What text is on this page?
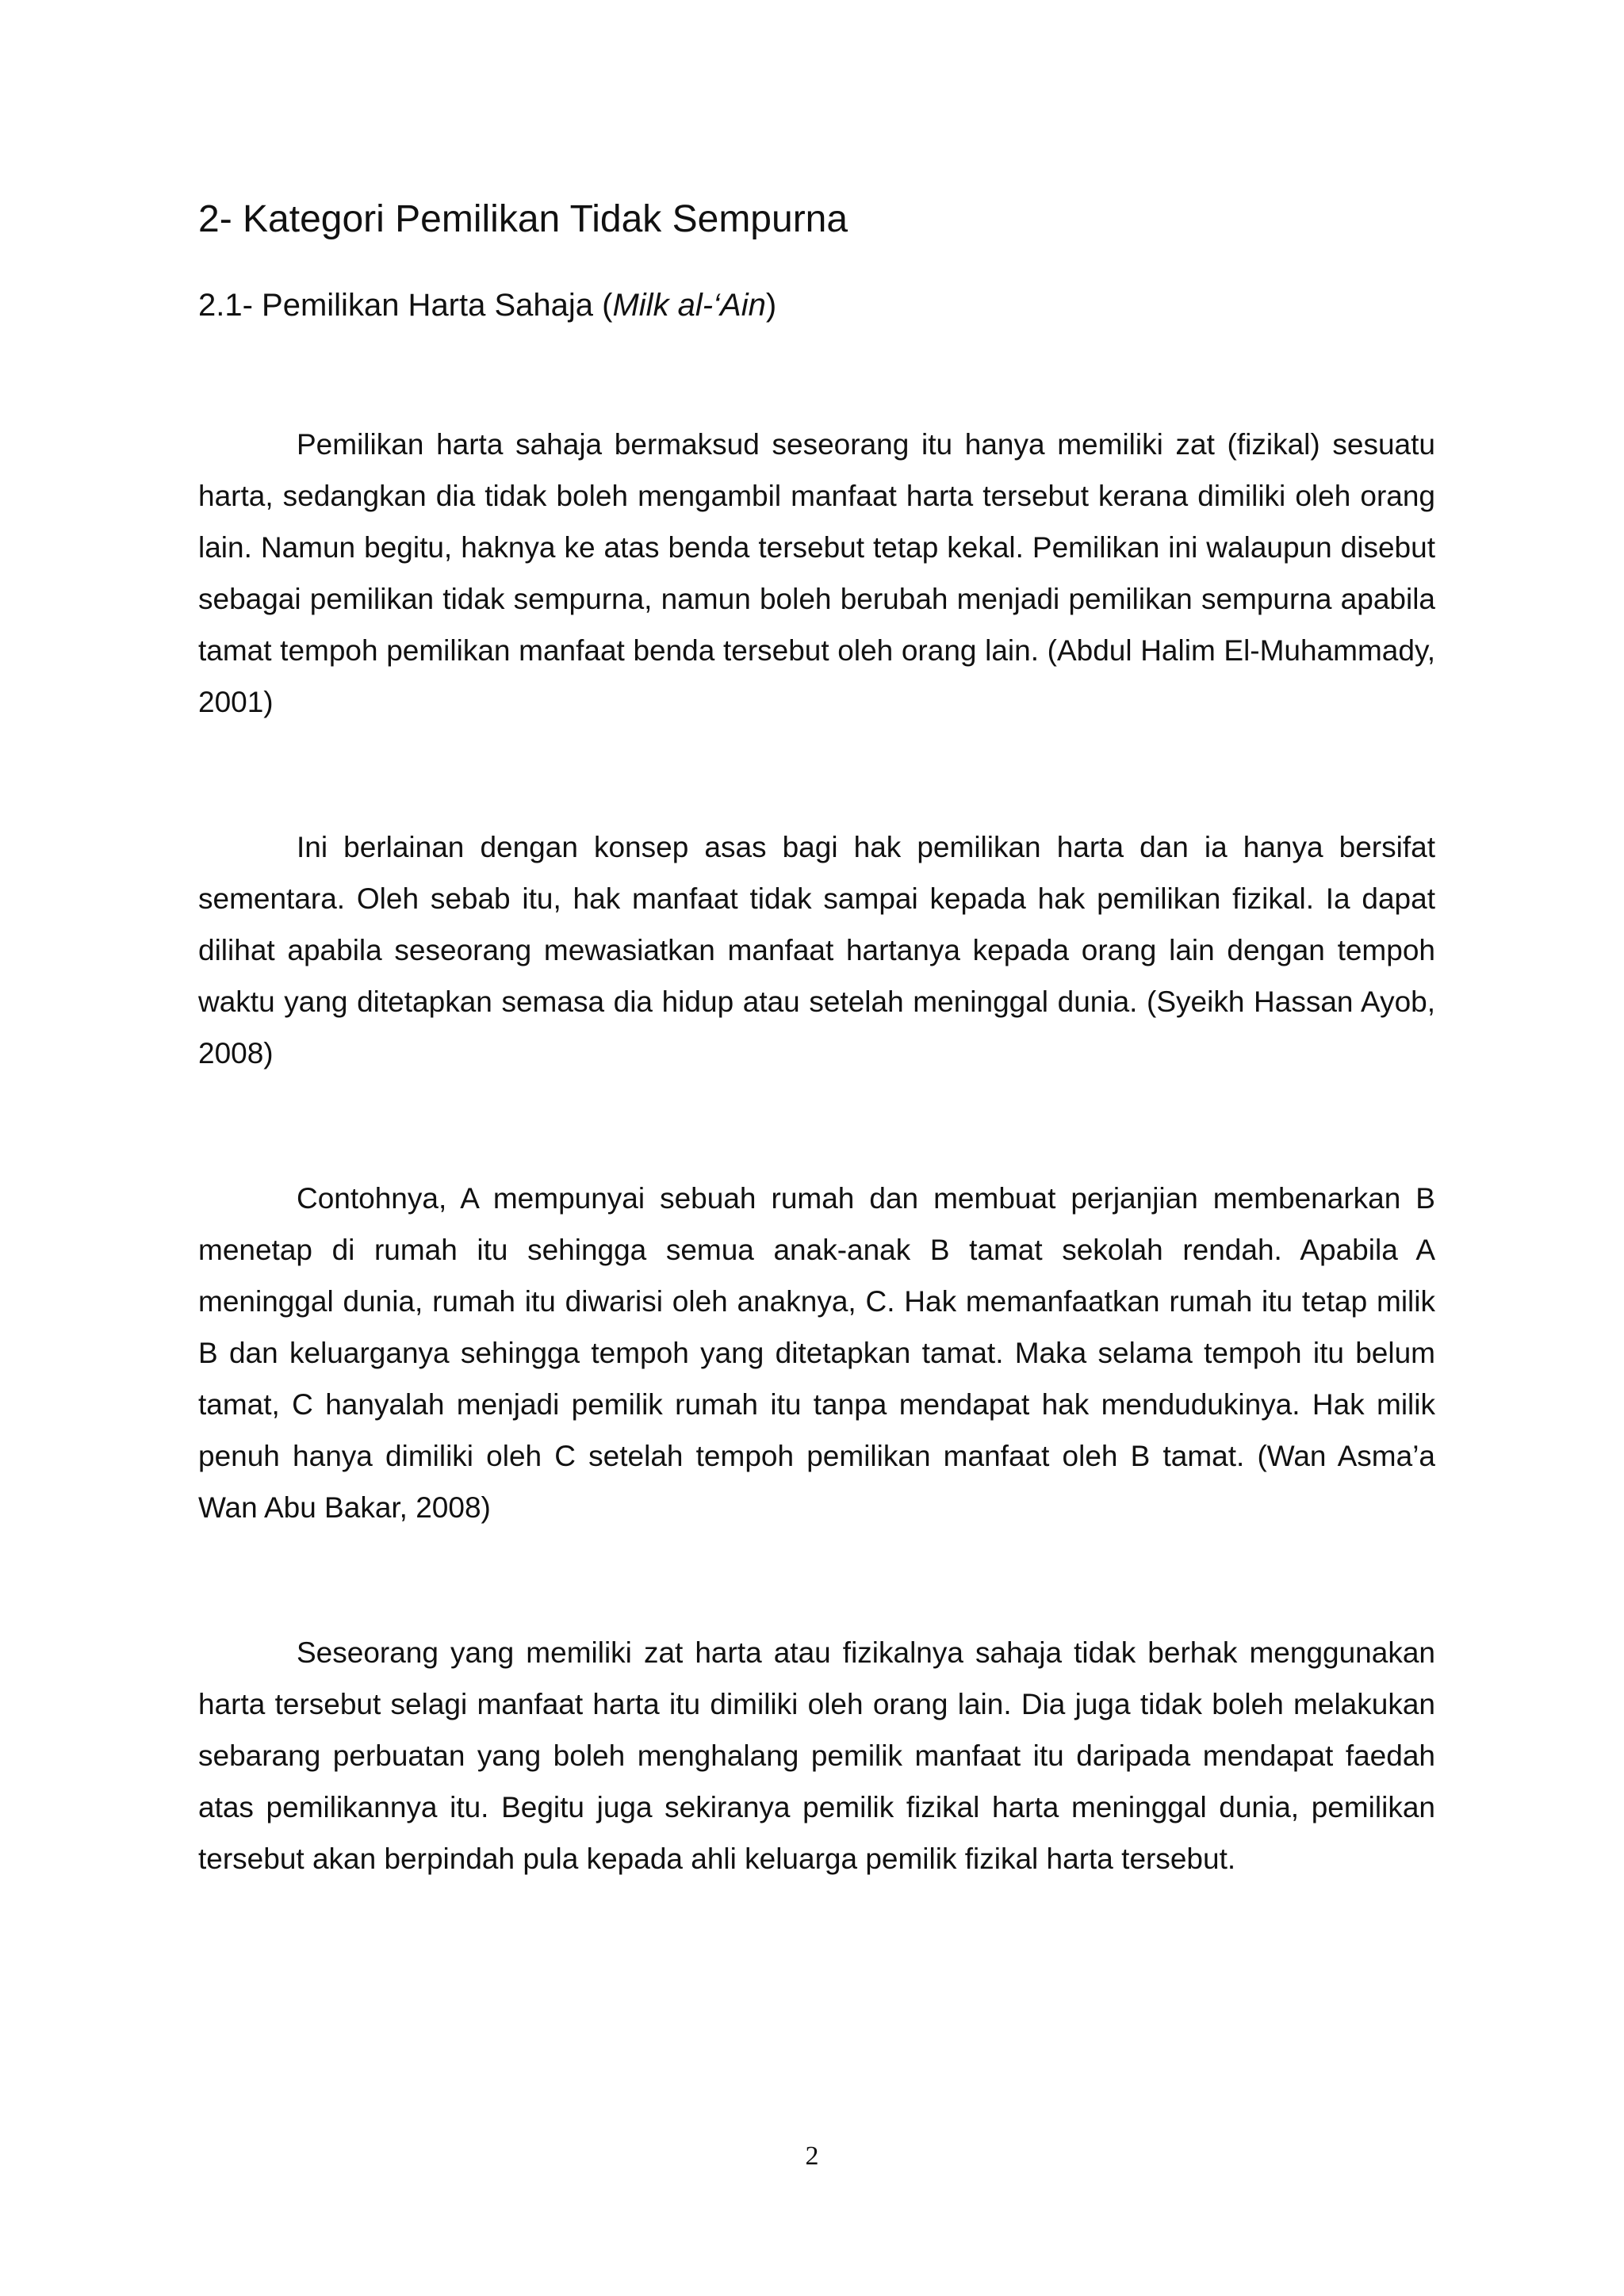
2- Kategori Pemilikan Tidak Sempurna
2.1- Pemilikan Harta Sahaja (Milk al-‘Ain)

Pemilikan harta sahaja bermaksud seseorang itu hanya memiliki zat (fizikal) sesuatu harta, sedangkan dia tidak boleh mengambil manfaat harta tersebut kerana dimiliki oleh orang lain. Namun begitu, haknya ke atas benda tersebut tetap kekal. Pemilikan ini walaupun disebut sebagai pemilikan tidak sempurna, namun boleh berubah menjadi pemilikan sempurna apabila tamat tempoh pemilikan manfaat benda tersebut oleh orang lain. (Abdul Halim El-Muhammady, 2001)

Ini berlainan dengan konsep asas bagi hak pemilikan harta dan ia hanya bersifat sementara. Oleh sebab itu, hak manfaat tidak sampai kepada hak pemilikan fizikal. Ia dapat dilihat apabila seseorang mewasiatkan manfaat hartanya kepada orang lain dengan tempoh waktu yang ditetapkan semasa dia hidup atau setelah meninggal dunia. (Syeikh Hassan Ayob, 2008)

Contohnya, A mempunyai sebuah rumah dan membuat perjanjian membenarkan B menetap di rumah itu sehingga semua anak-anak B tamat sekolah rendah. Apabila A meninggal dunia, rumah itu diwarisi oleh anaknya, C. Hak memanfaatkan rumah itu tetap milik B dan keluarganya sehingga tempoh yang ditetapkan tamat. Maka selama tempoh itu belum tamat, C hanyalah menjadi pemilik rumah itu tanpa mendapat hak mendudukinya. Hak milik penuh hanya dimiliki oleh C setelah tempoh pemilikan manfaat oleh B tamat. (Wan Asma’a Wan Abu Bakar, 2008)

Seseorang yang memiliki zat harta atau fizikalnya sahaja tidak berhak menggunakan harta tersebut selagi manfaat harta itu dimiliki oleh orang lain. Dia juga tidak boleh melakukan sebarang perbuatan yang boleh menghalang pemilik manfaat itu daripada mendapat faedah atas pemilikannya itu. Begitu juga sekiranya pemilik fizikal harta meninggal dunia, pemilikan tersebut akan berpindah pula kepada ahli keluarga pemilik fizikal harta tersebut.

2
